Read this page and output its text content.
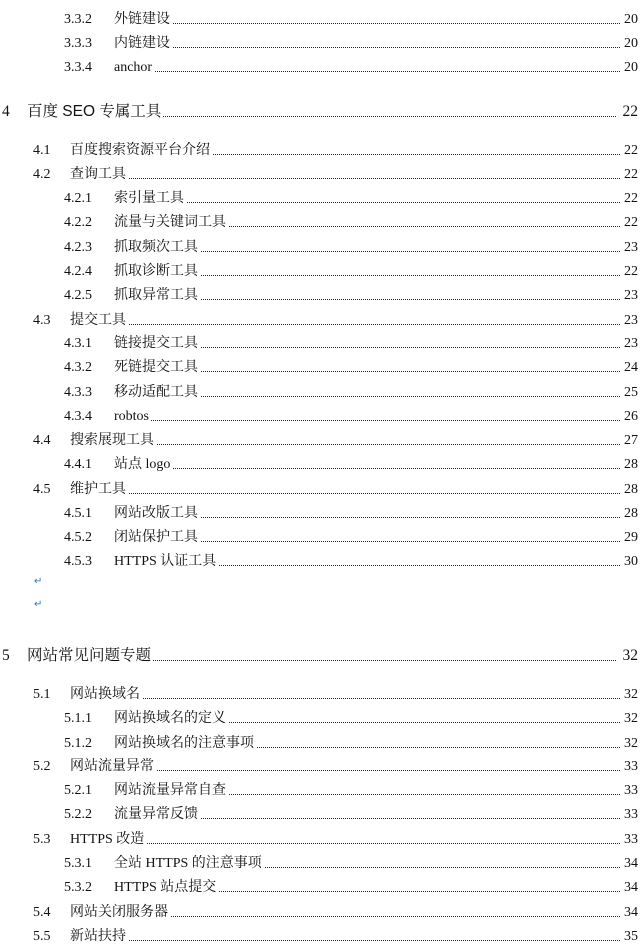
3.3.2 外链建设	20
3.3.3 内链建设	20
3.3.4 anchor	20
4 百度 SEO 专属工具	22
4.1 百度搜索资源平台介绍	22
4.2 查询工具	22
4.2.1 索引量工具	22
4.2.2 流量与关键词工具	22
4.2.3 抓取频次工具	23
4.2.4 抓取诊断工具	22
4.2.5 抓取异常工具	23
4.3 提交工具	23
4.3.1 链接提交工具	23
4.3.2 死链提交工具	24
4.3.3 移动适配工具	25
4.3.4 robtos	26
4.4 搜索展现工具	27
4.4.1 站点 logo	28
4.5 维护工具	28
4.5.1 网站改版工具	28
4.5.2 闭站保护工具	29
4.5.3 HTTPS 认证工具	30
5 网站常见问题专题	32
5.1 网站换域名	32
5.1.1 网站换域名的定义	32
5.1.2 网站换域名的注意事项	32
5.2 网站流量异常	33
5.2.1 网站流量异常自查	33
5.2.2 流量异常反馈	33
5.3 HTTPS 改造	33
5.3.1 全站 HTTPS 的注意事项	34
5.3.2 HTTPS 站点提交	34
5.4 网站关闭服务器	34
5.5 新站扶持	35
↵
↵
